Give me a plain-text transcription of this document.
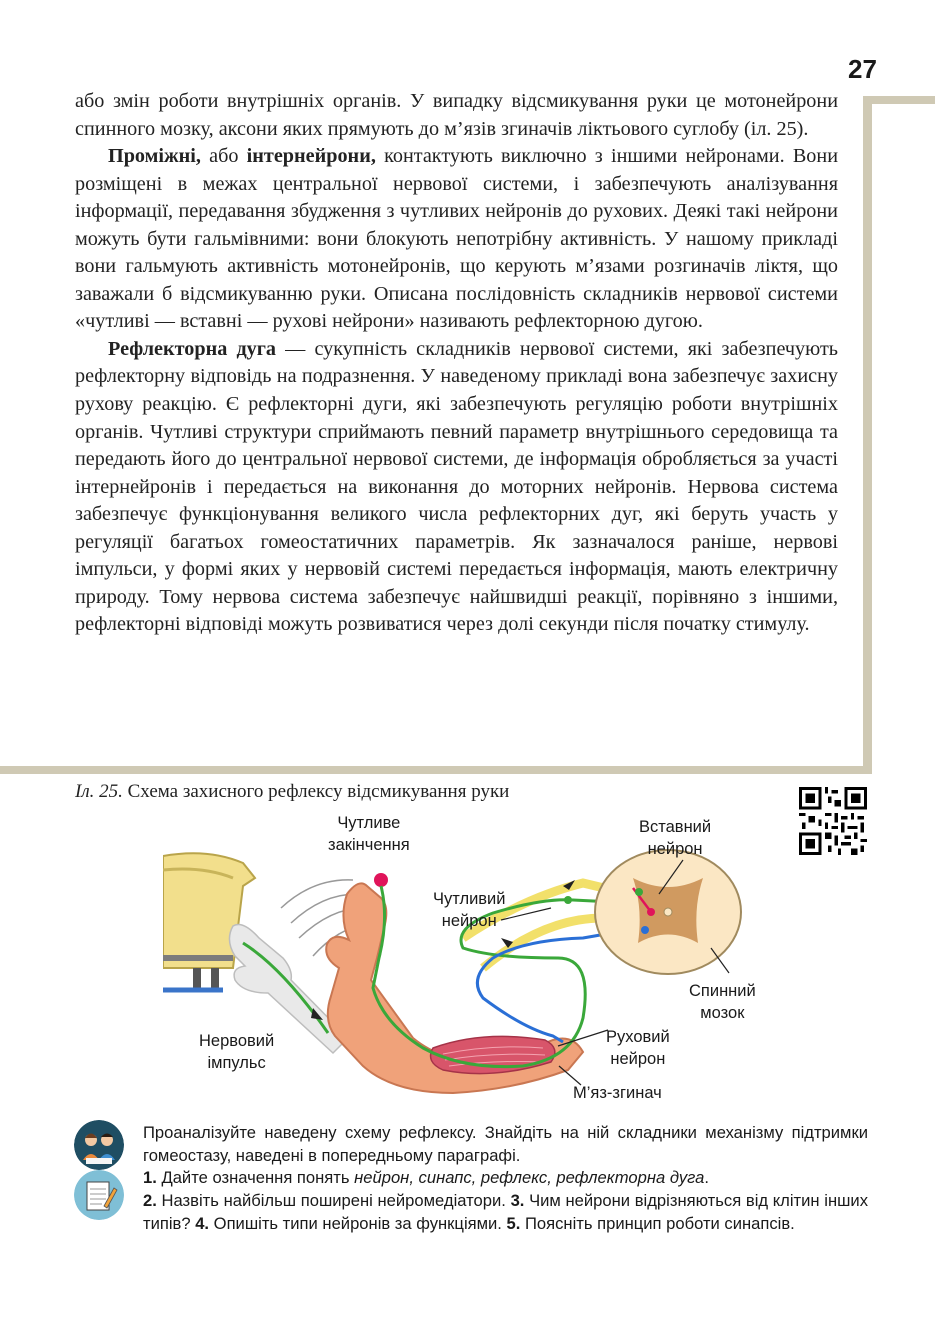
27

або змін роботи внутрішніх органів. У випадку відсмикування руки це мотонейрони спинного мозку, аксони яких прямують до м’язів згиначів ліктьового суглобу (іл. 25).

Проміжні, або інтернейрони, контактують виключно з іншими нейронами. Вони розміщені в межах центральної нервової системи, і забезпечують аналізування інформації, передавання збудження з чутливих нейронів до рухових. Деякі такі нейрони можуть бути гальмівними: вони блокують непотрібну активність. У нашому прикладі вони гальмують активність мотонейронів, що керують м’язами розгиначів ліктя, що заважали б відсмикуванню руки. Описана послідовність складників нервової системи «чутливі — вставні — рухові нейрони» називають рефлекторною дугою.

Рефлекторна дуга — сукупність складників нервової системи, які забезпечують рефлекторну відповідь на подразнення. У наведеному прикладі вона забезпечує захисну рухову реакцію. Є рефлекторні дуги, які забезпечують регуляцію роботи внутрішніх органів. Чутливі структури сприймають певний параметр внутрішнього середовища та передають його до центральної нервової системи, де інформація обробляється за участі інтернейронів і передається на виконання до моторних нейронів. Нервова система забезпечує функціонування великого числа рефлекторних дуг, які беруть участь у регуляції багатьох гомеостатичних параметрів. Як зазначалося раніше, нервові імпульси, у формі яких у нервовій системі передається інформація, мають електричну природу. Тому нервова система забезпечує найшвидші реакції, порівняно з іншими, рефлекторні відповіді можуть розвиватися через долі секунди після початку стимулу.

Іл. 25. Схема захисного рефлексу відсмикування руки
Чутливе
закінчення
Вставний
нейрон
Чутливий
нейрон
Спинний
мозок
Нервовий
імпульс
Руховий
нейрон
М’яз-згинач

Проаналізуйте наведену схему рефлексу. Знайдіть на ній складники механізму підтримки гомеостазу, наведені в попередньому параграфі.

1. Дайте означення понять нейрон, синапс, рефлекс, рефлекторна дуга.
2. Назвіть найбільш поширені нейромедіатори. 3. Чим нейрони відрізняються від клітин інших типів? 4. Опишіть типи нейронів за функціями. 5. Поясніть принцип роботи синапсів.
